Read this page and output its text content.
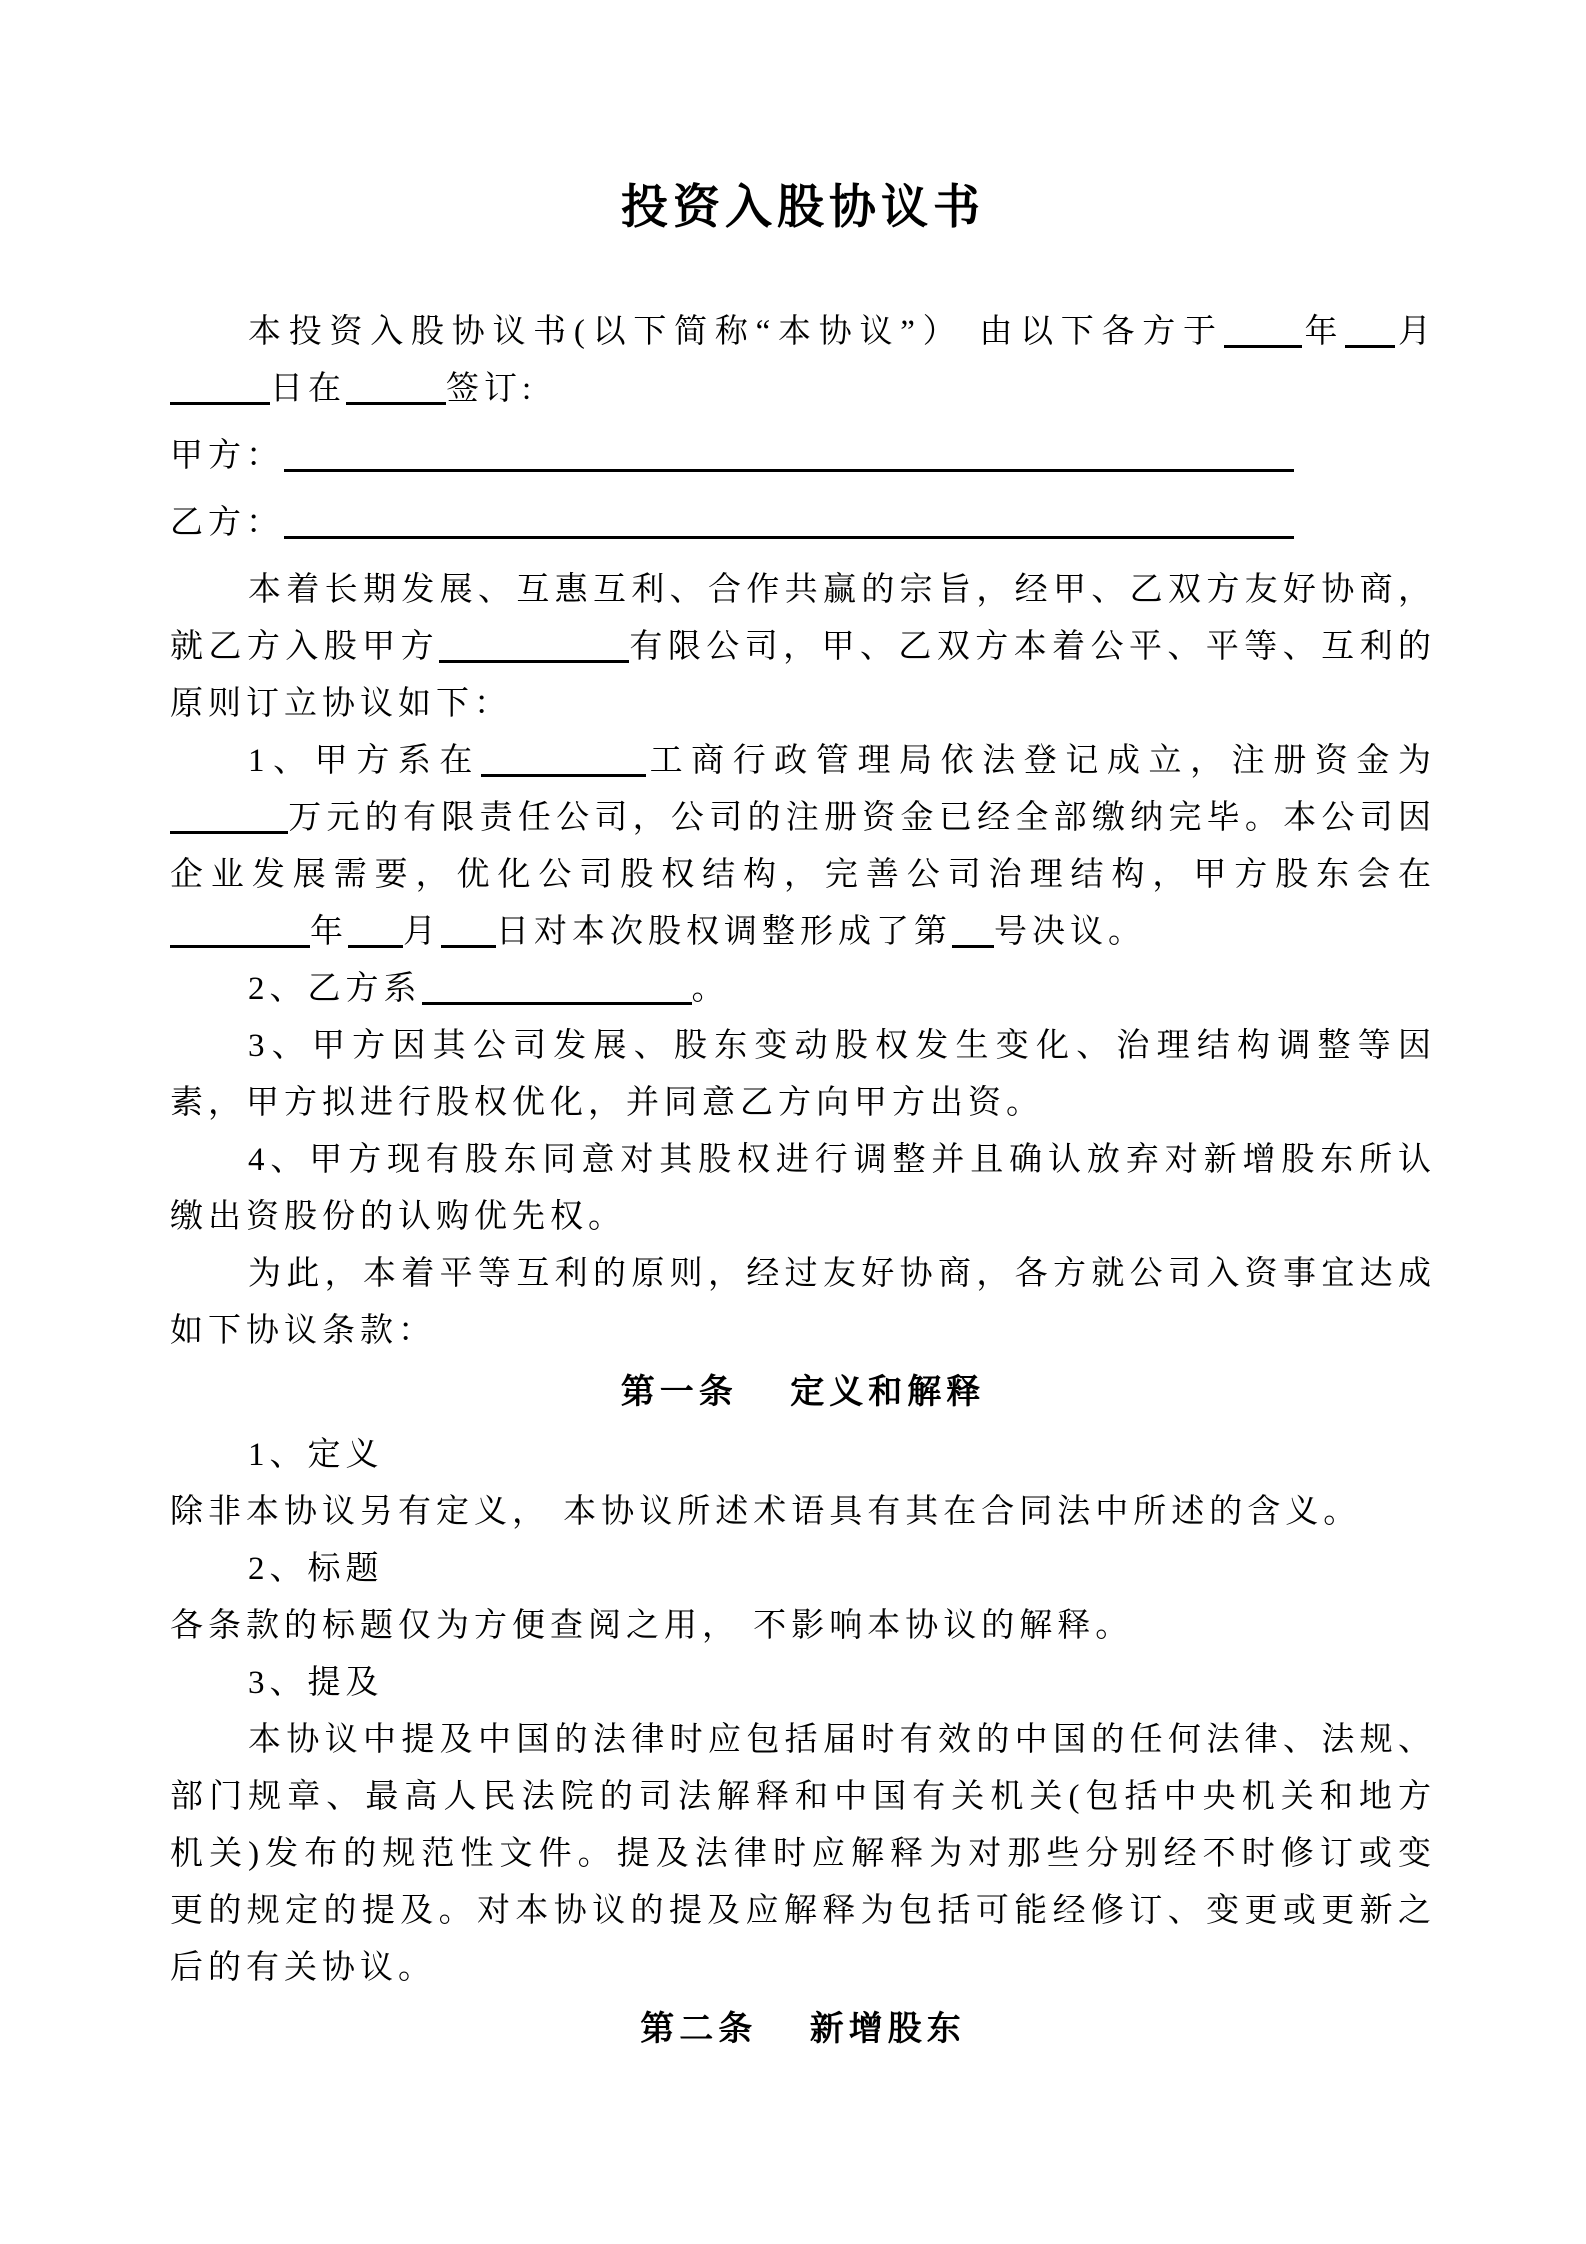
投资入股协议书

本投资入股协议书(以下简称“本协议”） 由以下各方于 年 月日在	签订:

甲方：

乙方：

本着长期发展、互惠互利、合作共赢的宗旨，经甲、乙双方友好协商，就乙方入股甲方	有限公司，甲、乙双方本着公平、平等、互利的原则订立协议如下：

1、甲方系在	工商行政管理局依法登记成立，注册资金为万元的有限责任公司，公司的注册资金已经全部缴纳完毕。本公司因企业发展需要，优化公司股权结构，完善公司治理结构，甲方股东会在年 月 日对本次股权调整形成了第 号决议。

2、乙方系	。

3、甲方因其公司发展、股东变动股权发生变化、治理结构调整等因素，甲方拟进行股权优化，并同意乙方向甲方出资。

4、甲方现有股东同意对其股权进行调整并且确认放弃对新增股东所认缴出资股份的认购优先权。

为此，本着平等互利的原则，经过友好协商，各方就公司入资事宜达成如下协议条款：

第一条　 定义和解释

1、定义

除非本协议另有定义， 本协议所述术语具有其在合同法中所述的含义。

2、标题

各条款的标题仅为方便查阅之用， 不影响本协议的解释。

3、提及

本协议中提及中国的法律时应包括届时有效的中国的任何法律、法规、部门规章、最高人民法院的司法解释和中国有关机关(包括中央机关和地方机关)发布的规范性文件。提及法律时应解释为对那些分别经不时修订或变更的规定的提及。对本协议的提及应解释为包括可能经修订、变更或更新之后的有关协议。

第二条　 新增股东
